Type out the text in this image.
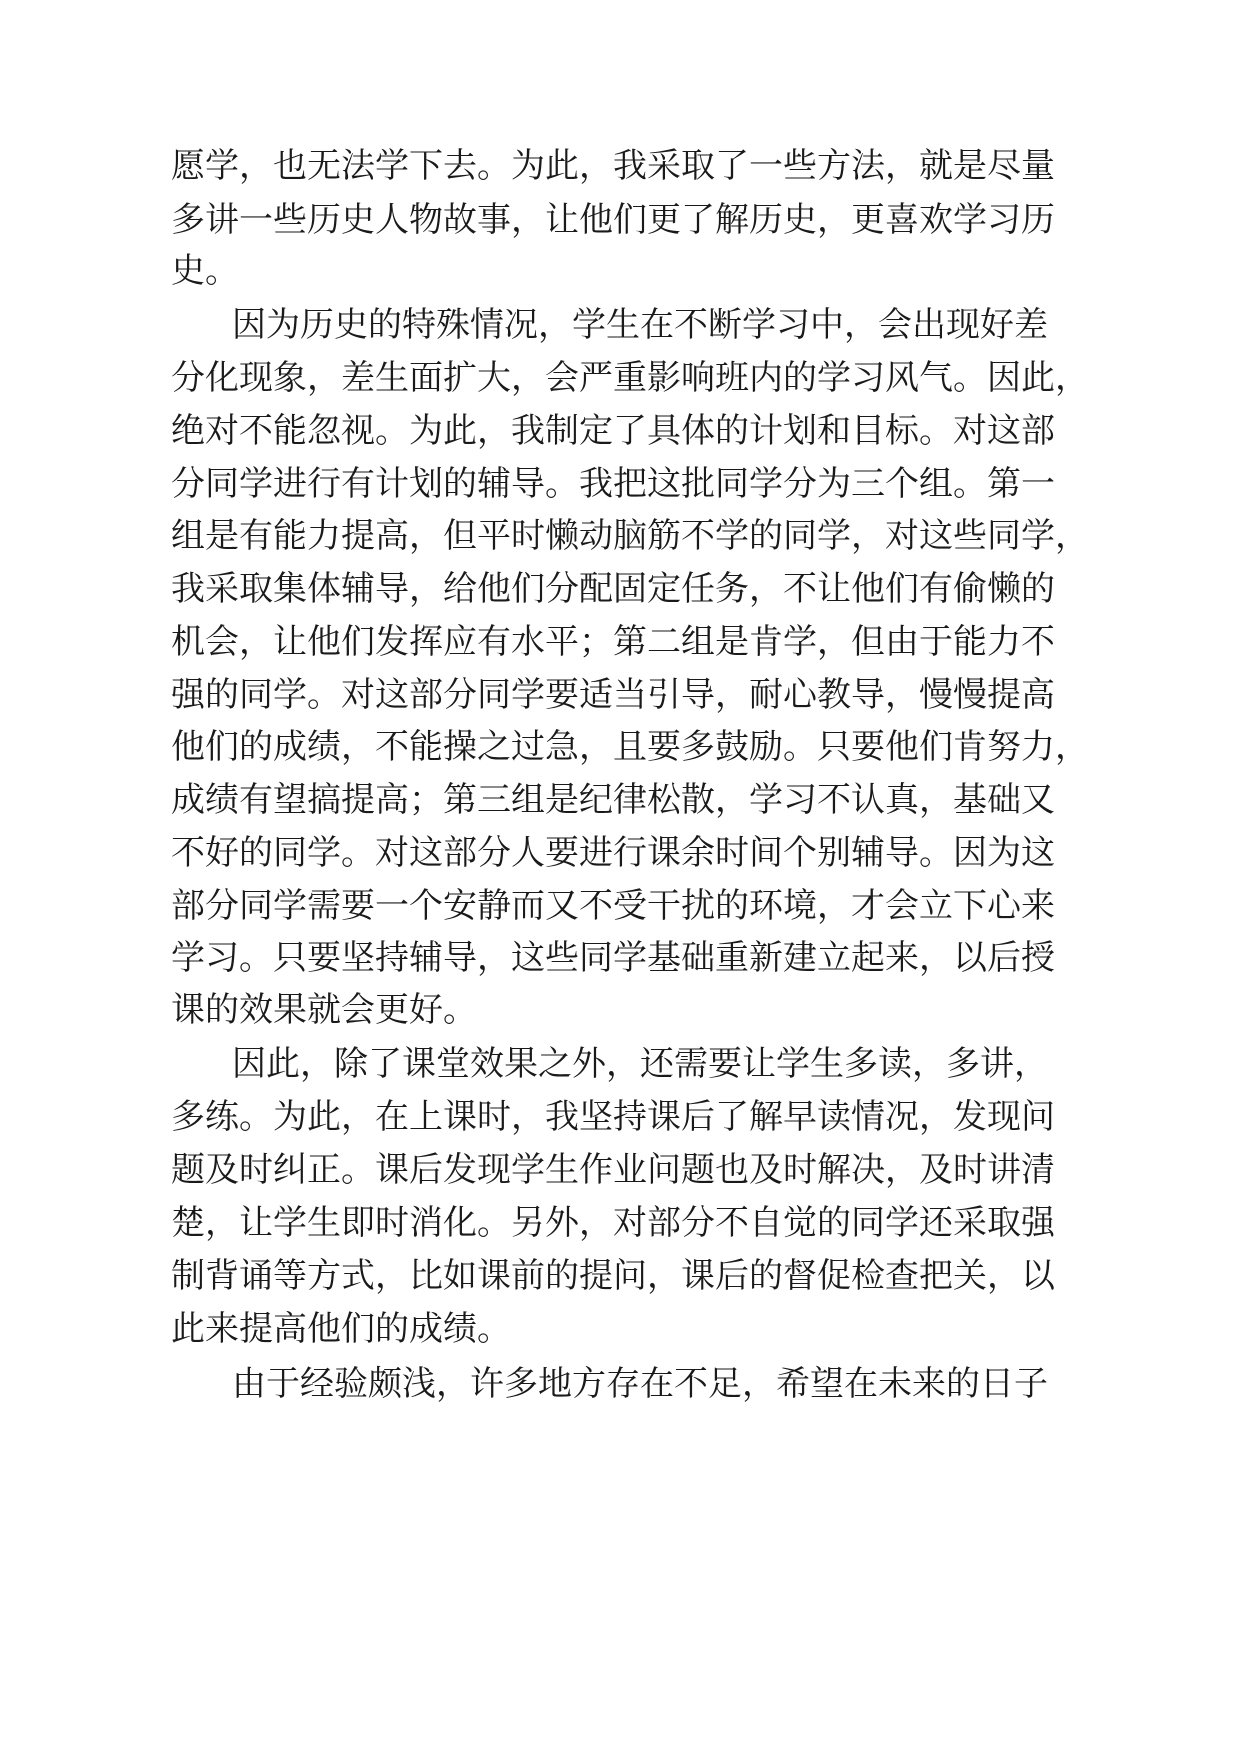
愿学，也无法学下去。为此，我采取了一些方法，就是尽量
多讲一些历史人物故事，让他们更了解历史，更喜欢学习历
史。
因为历史的特殊情况，学生在不断学习中，会出现好差
分化现象，差生面扩大，会严重影响班内的学习风气。因此，
绝对不能忽视。为此，我制定了具体的计划和目标。对这部
分同学进行有计划的辅导。我把这批同学分为三个组。第一
组是有能力提高，但平时懒动脑筋不学的同学，对这些同学，
我采取集体辅导，给他们分配固定任务，不让他们有偷懒的
机会，让他们发挥应有水平；第二组是肯学，但由于能力不
强的同学。对这部分同学要适当引导，耐心教导，慢慢提高
他们的成绩，不能操之过急，且要多鼓励。只要他们肯努力，
成绩有望搞提高；第三组是纪律松散，学习不认真，基础又
不好的同学。对这部分人要进行课余时间个别辅导。因为这
部分同学需要一个安静而又不受干扰的环境，才会立下心来
学习。只要坚持辅导，这些同学基础重新建立起来，以后授
课的效果就会更好。
因此，除了课堂效果之外，还需要让学生多读，多讲，
多练。为此，在上课时，我坚持课后了解早读情况，发现问
题及时纠正。课后发现学生作业问题也及时解决，及时讲清
楚，让学生即时消化。另外，对部分不自觉的同学还采取强
制背诵等方式，比如课前的提问，课后的督促检查把关，以
此来提高他们的成绩。
由于经验颇浅，许多地方存在不足，希望在未来的日子
